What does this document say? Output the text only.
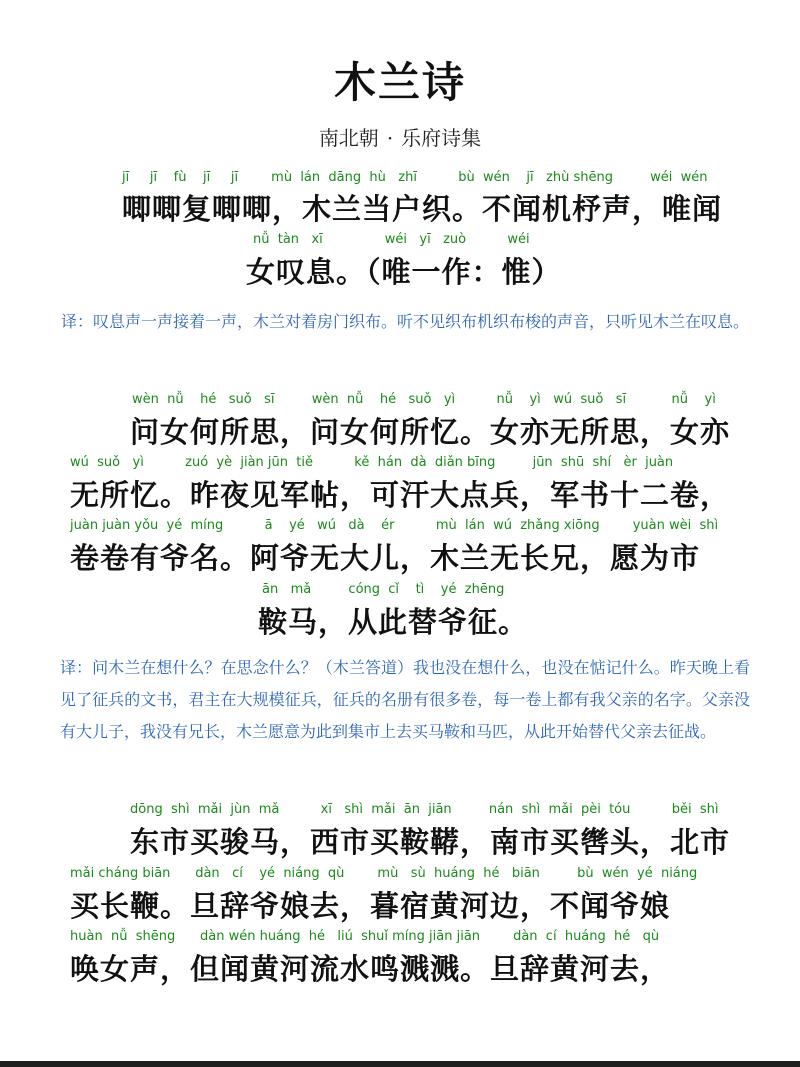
木兰诗
南北朝 · 乐府诗集
jī     jī    fù    jī     jī        mù  lán  dāng  hù   zhī          bù  wén    jī   zhù shēng         wéi  wén
唧唧复唧唧，木兰当户织。不闻机杼声，唯闻
nǚ  tàn   xī               wéi   yī   zuò          wéi
女叹息。（唯一作：惟）
译：叹息声一声接着一声，木兰对着房门织布。听不见织布机织布梭的声音，只听见木兰在叹息。
wèn  nǚ    hé   suǒ   sī         wèn  nǚ    hé   suǒ   yì          nǚ    yì   wú  suǒ   sī           nǚ    yì
问女何所思，问女何所忆。女亦无所思，女亦
wú  suǒ   yì          zuó  yè  jiàn jūn  tiě          kě  hán  dà  diǎn bīng         jūn  shū  shí   èr  juàn
无所忆。昨夜见军帖，可汗大点兵，军书十二卷，
juàn juàn yǒu  yé  míng          ā    yé   wú   dà    ér          mù  lán  wú  zhǎng xiōng        yuàn wèi  shì
卷卷有爷名。阿爷无大儿，木兰无长兄，愿为市
ān   mǎ         cóng  cǐ    tì    yé  zhēng
鞍马，从此替爷征。
译：问木兰在想什么？在思念什么？（木兰答道）我也没在想什么，也没在惦记什么。昨天晚上看见了征兵的文书，君主在大规模征兵，征兵的名册有很多卷，每一卷上都有我父亲的名字。父亲没有大儿子，我没有兄长，木兰愿意为此到集市上去买马鞍和马匹，从此开始替代父亲去征战。
dōng  shì  mǎi  jùn  mǎ          xī   shì  mǎi  ān  jiān         nán  shì  mǎi  pèi  tóu          běi  shì
东市买骏马，西市买鞍鞯，南市买辔头，北市
mǎi cháng biān      dàn   cí    yé  niáng  qù        mù   sù  huáng  hé   biān         bù  wén  yé  niáng
买长鞭。旦辞爷娘去，暮宿黄河边，不闻爷娘
huàn  nǚ  shēng      dàn wén huáng  hé   liú  shuǐ míng jiān jiān        dàn  cí  huáng  hé   qù
唤女声，但闻黄河流水鸣溅溅。旦辞黄河去，
